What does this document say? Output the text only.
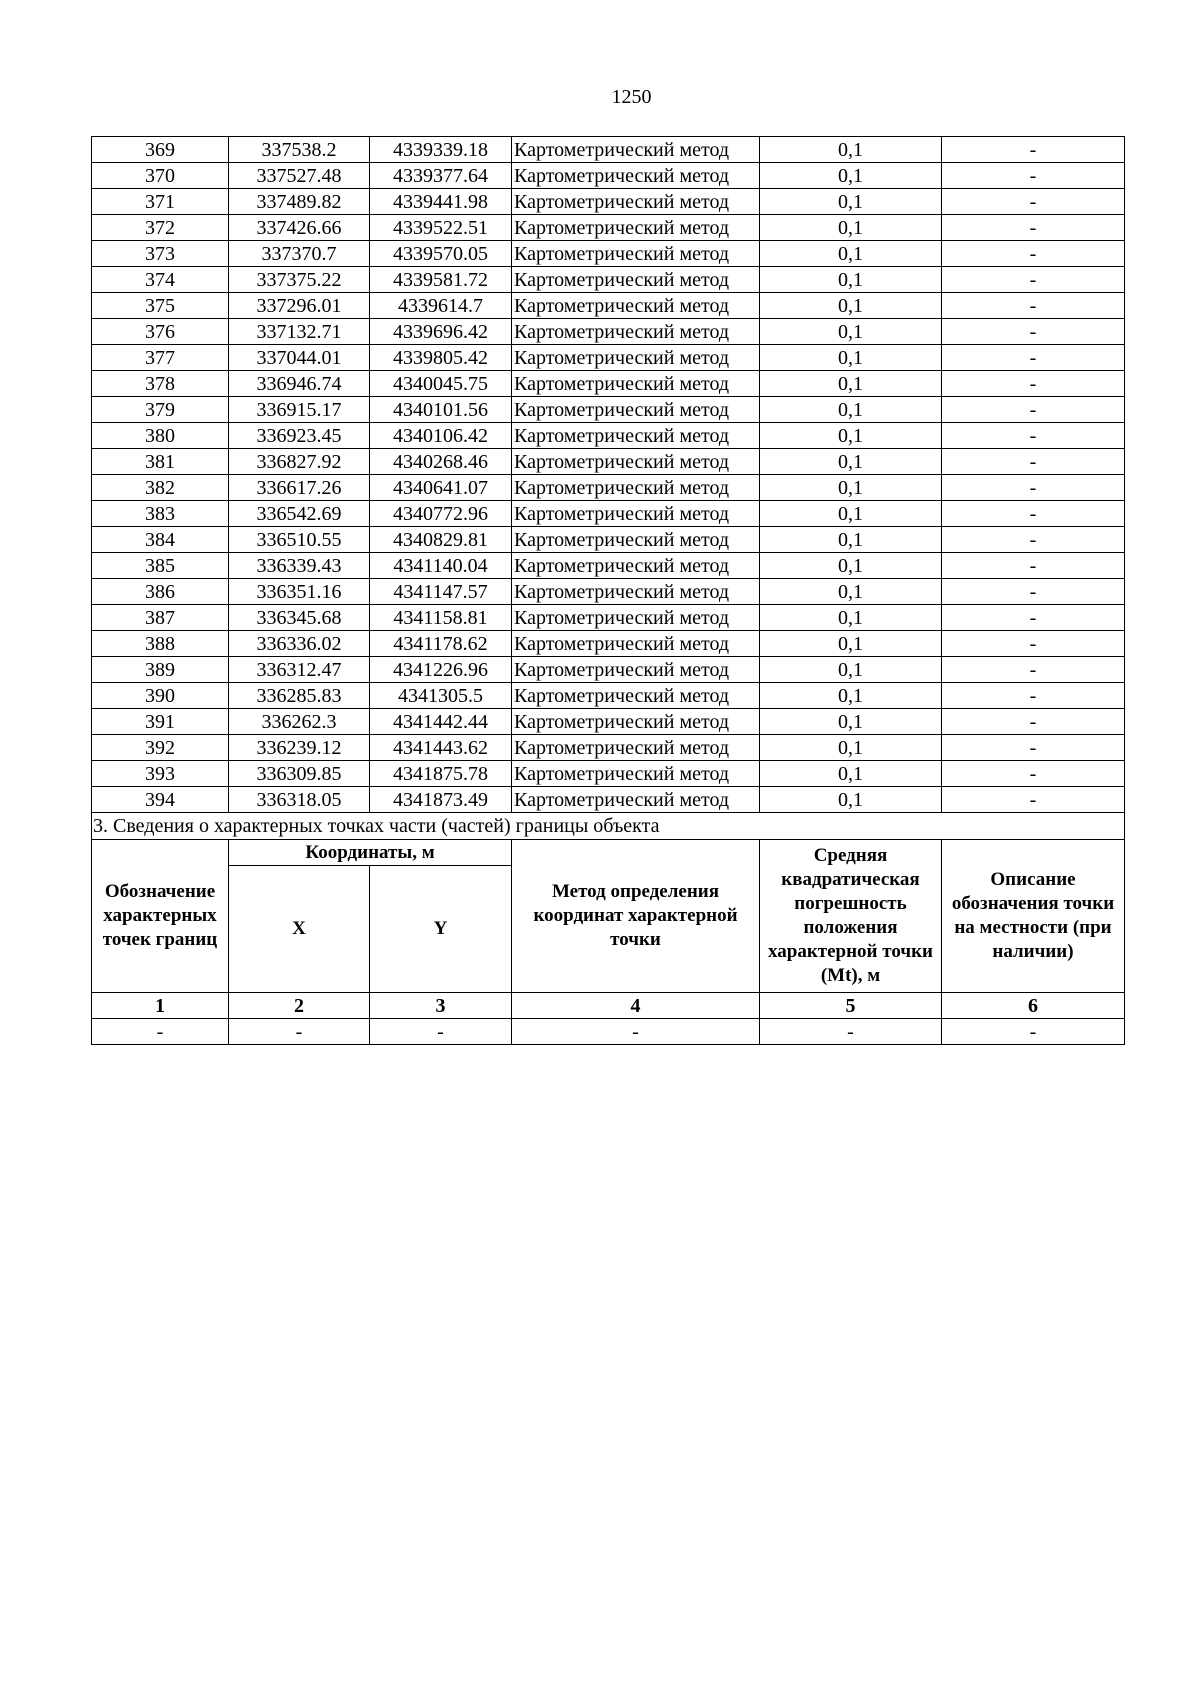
1250
369	337538.2	4339339.18	Картометрический метод	0,1	-
370	337527.48	4339377.64	Картометрический метод	0,1	-
371	337489.82	4339441.98	Картометрический метод	0,1	-
372	337426.66	4339522.51	Картометрический метод	0,1	-
373	337370.7	4339570.05	Картометрический метод	0,1	-
374	337375.22	4339581.72	Картометрический метод	0,1	-
375	337296.01	4339614.7	Картометрический метод	0,1	-
376	337132.71	4339696.42	Картометрический метод	0,1	-
377	337044.01	4339805.42	Картометрический метод	0,1	-
378	336946.74	4340045.75	Картометрический метод	0,1	-
379	336915.17	4340101.56	Картометрический метод	0,1	-
380	336923.45	4340106.42	Картометрический метод	0,1	-
381	336827.92	4340268.46	Картометрический метод	0,1	-
382	336617.26	4340641.07	Картометрический метод	0,1	-
383	336542.69	4340772.96	Картометрический метод	0,1	-
384	336510.55	4340829.81	Картометрический метод	0,1	-
385	336339.43	4341140.04	Картометрический метод	0,1	-
386	336351.16	4341147.57	Картометрический метод	0,1	-
387	336345.68	4341158.81	Картометрический метод	0,1	-
388	336336.02	4341178.62	Картометрический метод	0,1	-
389	336312.47	4341226.96	Картометрический метод	0,1	-
390	336285.83	4341305.5	Картометрический метод	0,1	-
391	336262.3	4341442.44	Картометрический метод	0,1	-
392	336239.12	4341443.62	Картометрический метод	0,1	-
393	336309.85	4341875.78	Картометрический метод	0,1	-
394	336318.05	4341873.49	Картометрический метод	0,1	-
3. Сведения о характерных точках части (частей) границы объекта					
Обозначение характерных точек границ	Координаты, м		Метод определения координат характерной точки	Средняя квадратическая погрешность положения характерной точки (Mt), м	Описание обозначения точки на местности (при наличии)
	X	Y			
1	2	3	4	5	6
-	-	-	-	-	-
